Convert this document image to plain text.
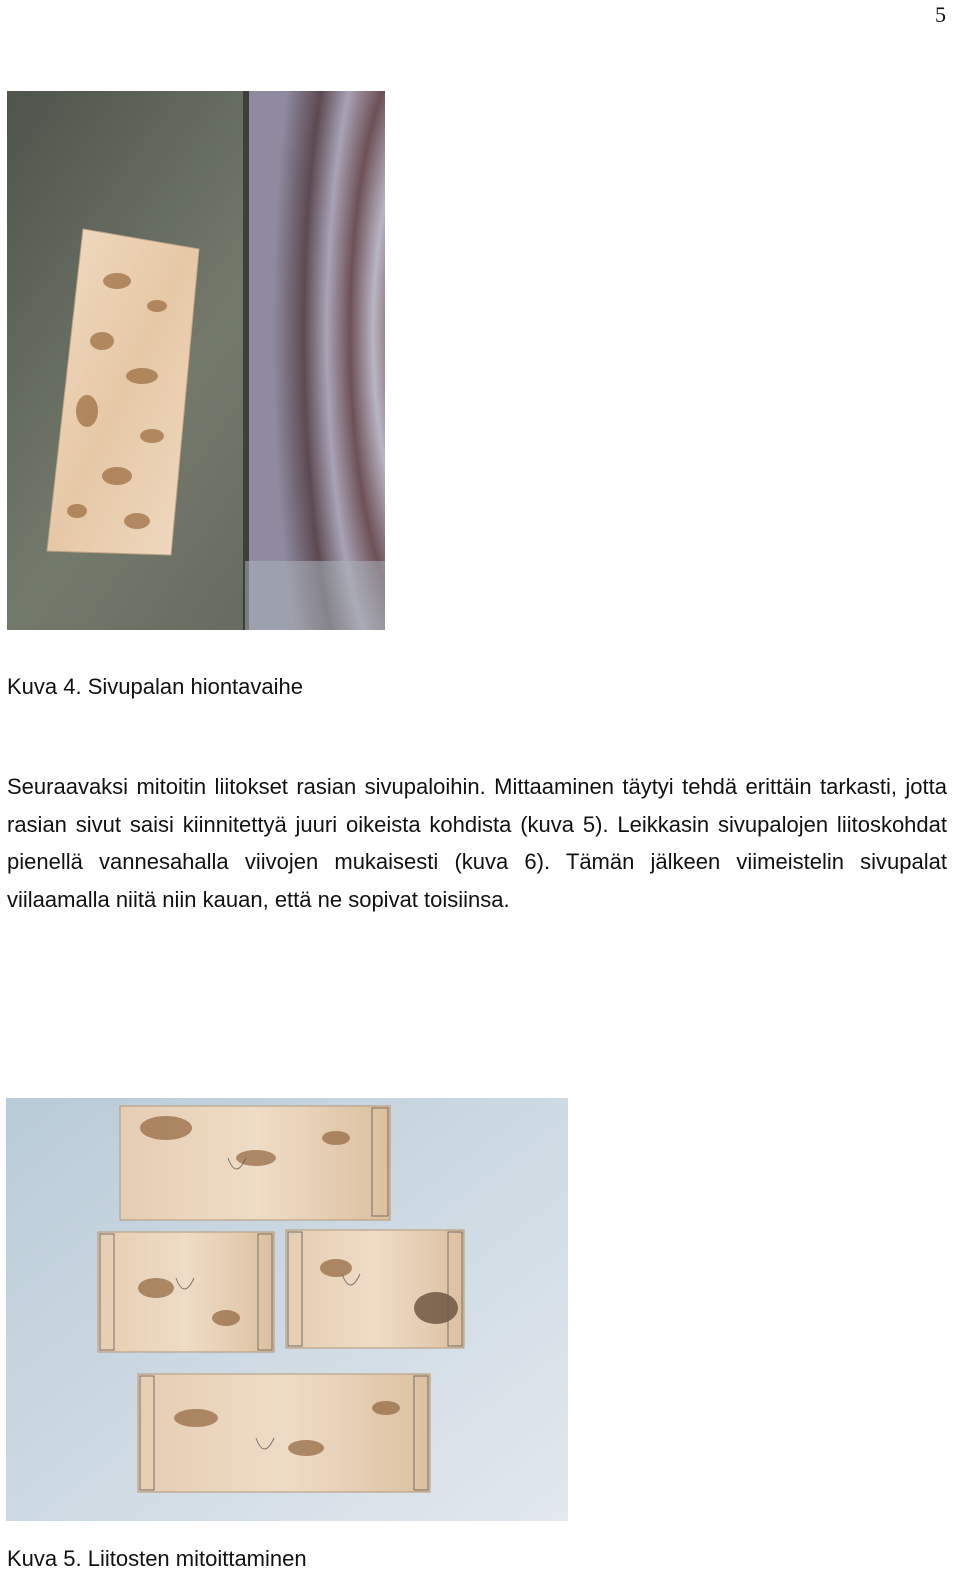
5
Kuva 4. Sivupalan hiontavaihe

Seuraavaksi mitoitin liitokset rasian sivupaloihin. Mittaaminen täytyi tehdä erittäin tarkasti, jotta rasian sivut saisi kiinnitettyä juuri oikeista kohdista (kuva 5). Leikkasin sivupalojen liitoskohdat pienellä vannesahalla viivojen mukaisesti (kuva 6). Tämän jälkeen viimeistelin sivupalat viilaamalla niitä niin kauan, että ne sopivat toisiinsa.

Kuva 5. Liitosten mitoittaminen
